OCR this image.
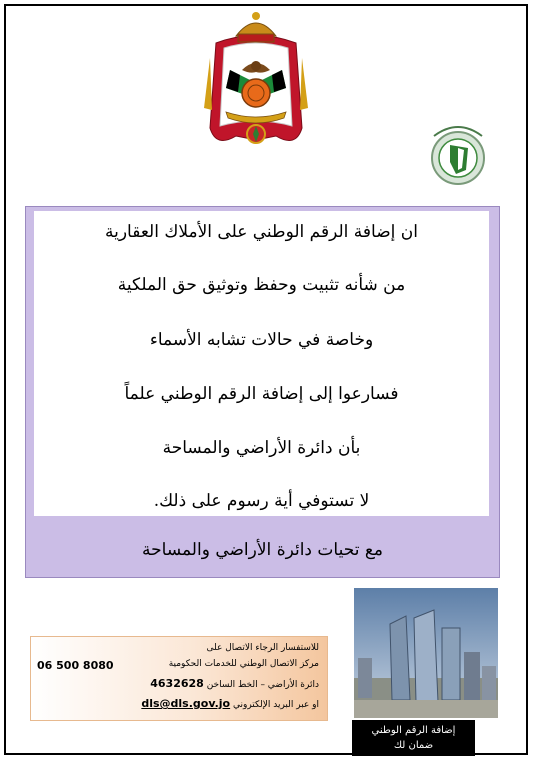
ان إضافة الرقم الوطني على الأملاك العقارية
من شأنه تثبيت وحفظ وتوثيق حق الملكية
وخاصة في حالات تشابه الأسماء
فسارعوا إلى إضافة الرقم الوطني علماً
بأن دائرة الأراضي والمساحة
لا تستوفي أية رسوم على ذلك.
مع تحيات دائرة الأراضي والمساحة
للاستفسار الرجاء الاتصال على
مركز الاتصال الوطني للخدمات الحكومية
06 500 8080
دائرة الأراضي – الخط الساخن 4632628
او عبر البريد الإلكتروني dls@dls.gov.jo
إضافة الرقم الوطني
ضمان لك
